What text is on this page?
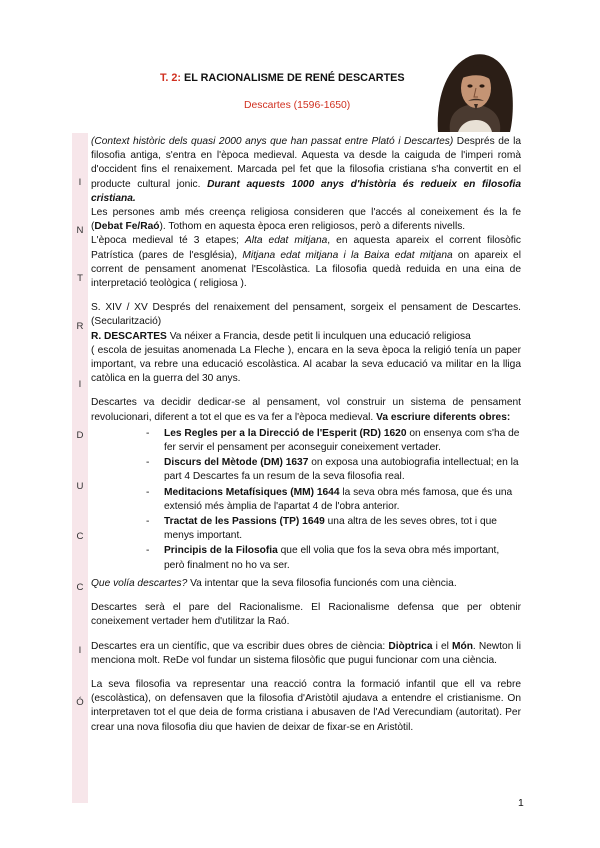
T. 2: EL RACIONALISME DE RENÉ DESCARTES
Descartes (1596-1650)
I
N
T
R
I
D
U
C
C
I
Ó

(Context històric dels quasi 2000 anys que han passat entre Plató i Descartes) Després de la filosofia antiga, s'entra en l'època medieval. Aquesta va desde la caiguda de l'imperi romà d'occident fins el renaixement. Marcada pel fet que la filosofia cristiana s'ha convertit en el producte cultural jonic. Durant aquests 1000 anys d'història és redueix en filosofia cristiana.

Les persones amb més creença religiosa consideren que l'accés al coneixement és la fe (Debat Fe/Raó). Tothom en aquesta època eren religiosos, però a diferents nivells.

L'època medieval té 3 etapes; Alta edat mitjana, en aquesta apareix el corrent filosòfic Patrística (pares de l'església), Mitjana edat mitjana i la Baixa edat mitjana on apareix el corrent de pensament anomenat l'Escolàstica. La filosofia quedà reduida en una eina de interpretació teològica ( religiosa ).

S. XIV / XV Després del renaixement del pensament, sorgeix el pensament de Descartes. (Secularització)

R. DESCARTES Va néixer a Francia, desde petit li inculquen una educació religiosa
( escola de jesuitas anomenada La Fleche ), encara en la seva època la religió tenía un paper important, va rebre una educació escolàstica. Al acabar la seva educació va militar en la lliga catòlica en la guerra del 30 anys.

Descartes va decidir dedicar-se al pensament, vol construir un sistema de pensament revolucionari, diferent a tot el que es va fer a l'època medieval. Va escriure diferents obres:

- Les Regles per a la Direcció de l'Esperit (RD) 1620 on ensenya com s'ha de fer servir el pensament per aconseguir coneixement vertader.
- Discurs del Mètode (DM) 1637 on exposa una autobiografia intellectual; en la part 4 Descartes fa un resum de la seva filosofia real.
- Meditacions Metafísiques (MM) 1644 la seva obra més famosa, que és una extensió més àmplia de l'apartat 4 de l'obra anterior.
- Tractat de les Passions (TP) 1649 una altra de les seves obres, tot i que menys important.
- Principis de la Filosofia que ell volia que fos la seva obra més important, però finalment no ho va ser.

Que volía descartes? Va intentar que la seva filosofia funcionés com una ciència.

Descartes serà el pare del Racionalisme. El Racionalisme defensa que per obtenir coneixement vertader hem d'utilitzar la Raó.

Descartes era un científic, que va escribir dues obres de ciència: Diòptrica i el Món. Newton li menciona molt. ReDe vol fundar un sistema filosòfic que pugui funcionar com una ciència.

La seva filosofia va representar una reacció contra la formació infantil que ell va rebre (escolàstica), on defensaven que la filosofia d'Aristòtil ajudava a entendre el cristianisme. On interpretaven tot el que deia de forma cristiana i abusaven de l'Ad Verecundiam (autoritat). Per crear una nova filosofia diu que havien de deixar de fixar-se en Aristòtil.

1
